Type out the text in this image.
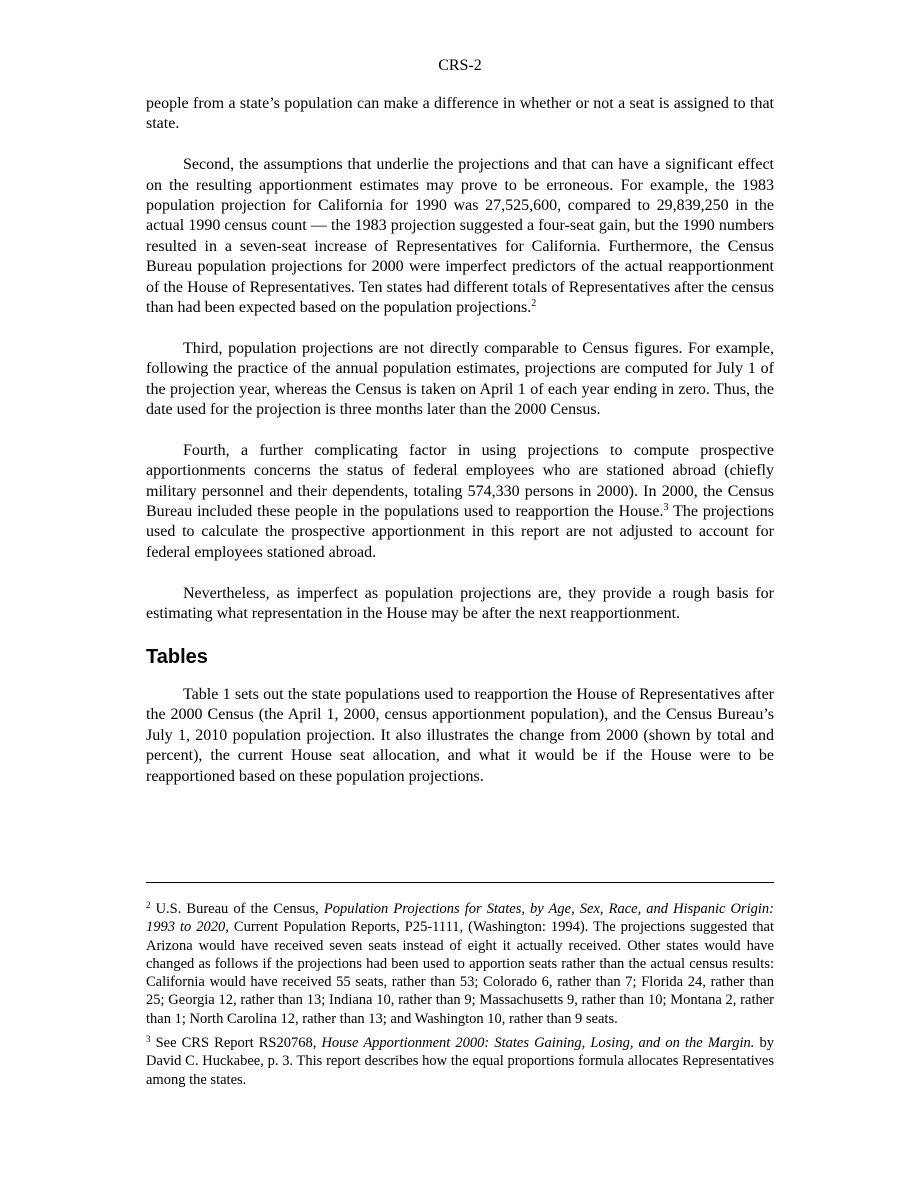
CRS-2

people from a state’s population can make a difference in whether or not a seat is assigned to that state.

Second, the assumptions that underlie the projections and that can have a significant effect on the resulting apportionment estimates may prove to be erroneous. For example, the 1983 population projection for California for 1990 was 27,525,600, compared to 29,839,250 in the actual 1990 census count — the 1983 projection suggested a four-seat gain, but the 1990 numbers resulted in a seven-seat increase of Representatives for California. Furthermore, the Census Bureau population projections for 2000 were imperfect predictors of the actual reapportionment of the House of Representatives. Ten states had different totals of Representatives after the census than had been expected based on the population projections.$^2$

Third, population projections are not directly comparable to Census figures. For example, following the practice of the annual population estimates, projections are computed for July 1 of the projection year, whereas the Census is taken on April 1 of each year ending in zero. Thus, the date used for the projection is three months later than the 2000 Census.

Fourth, a further complicating factor in using projections to compute prospective apportionments concerns the status of federal employees who are stationed abroad (chiefly military personnel and their dependents, totaling 574,330 persons in 2000). In 2000, the Census Bureau included these people in the populations used to reapportion the House.$^3$ The projections used to calculate the prospective apportionment in this report are not adjusted to account for federal employees stationed abroad.

Nevertheless, as imperfect as population projections are, they provide a rough basis for estimating what representation in the House may be after the next reapportionment.

Tables

Table 1 sets out the state populations used to reapportion the House of Representatives after the 2000 Census (the April 1, 2000, census apportionment population), and the Census Bureau’s July 1, 2010 population projection. It also illustrates the change from 2000 (shown by total and percent), the current House seat allocation, and what it would be if the House were to be reapportioned based on these population projections.

$^2$ U.S. Bureau of the Census, Population Projections for States, by Age, Sex, Race, and Hispanic Origin: 1993 to 2020, Current Population Reports, P25-1111, (Washington: 1994). The projections suggested that Arizona would have received seven seats instead of eight it actually received. Other states would have changed as follows if the projections had been used to apportion seats rather than the actual census results: California would have received 55 seats, rather than 53; Colorado 6, rather than 7; Florida 24, rather than 25; Georgia 12, rather than 13; Indiana 10, rather than 9; Massachusetts 9, rather than 10; Montana 2, rather than 1; North Carolina 12, rather than 13; and Washington 10, rather than 9 seats.

$^3$ See CRS Report RS20768, House Apportionment 2000: States Gaining, Losing, and on the Margin. by David C. Huckabee, p. 3. This report describes how the equal proportions formula allocates Representatives among the states.
